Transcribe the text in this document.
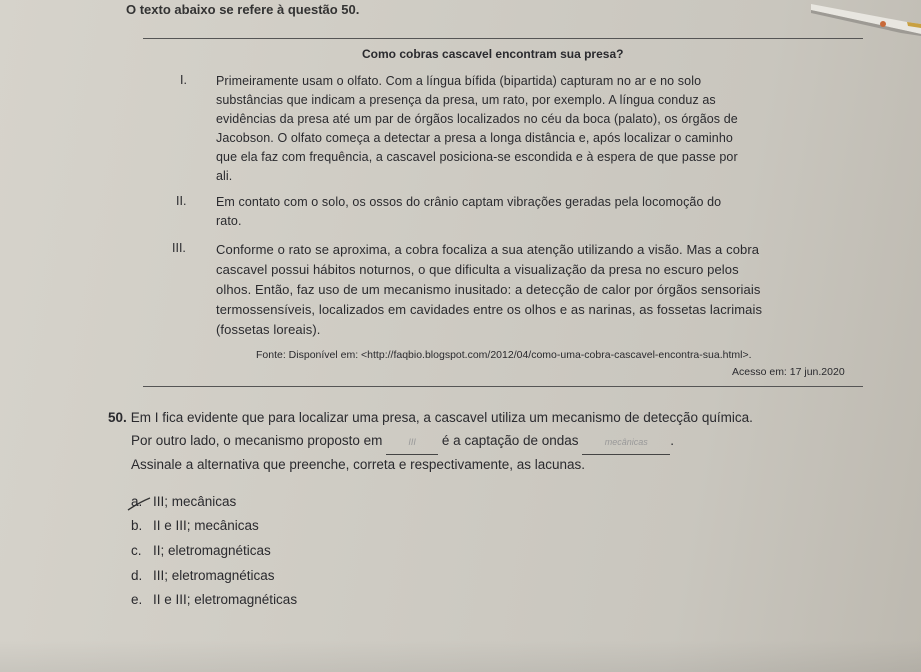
O texto abaixo se refere à questão 50.
Como cobras cascavel encontram sua presa?
I. Primeiramente usam o olfato. Com a língua bífida (bipartida) capturam no ar e no solo
substâncias que indicam a presença da presa, um rato, por exemplo. A língua conduz as
evidências da presa até um par de órgãos localizados no céu da boca (palato), os órgãos de
Jacobson. O olfato começa a detectar a presa a longa distância e, após localizar o caminho
que ela faz com frequência, a cascavel posiciona-se escondida e à espera de que passe por
ali.
II. Em contato com o solo, os ossos do crânio captam vibrações geradas pela locomoção do
rato.
III. Conforme o rato se aproxima, a cobra focaliza a sua atenção utilizando a visão. Mas a cobra
cascavel possui hábitos noturnos, o que dificulta a visualização da presa no escuro pelos
olhos. Então, faz uso de um mecanismo inusitado: a detecção de calor por órgãos sensoriais
termossensíveis, localizados em cavidades entre os olhos e as narinas, as fossetas lacrimais
(fossetas loreais).
Fonte: Disponível em: <http://faqbio.blogspot.com/2012/04/como-uma-cobra-cascavel-encontra-sua.html>.
Acesso em: 17 jun.2020
50. Em I fica evidente que para localizar uma presa, a cascavel utiliza um mecanismo de detecção química.
Por outro lado, o mecanismo proposto em	III é a captação de ondas	mecânicas .
Assinale a alternativa que preenche, correta e respectivamente, as lacunas.
a. III; mecânicas
b. II e III; mecânicas
c. II; eletromagnéticas
d. III; eletromagnéticas
e. II e III; eletromagnéticas
